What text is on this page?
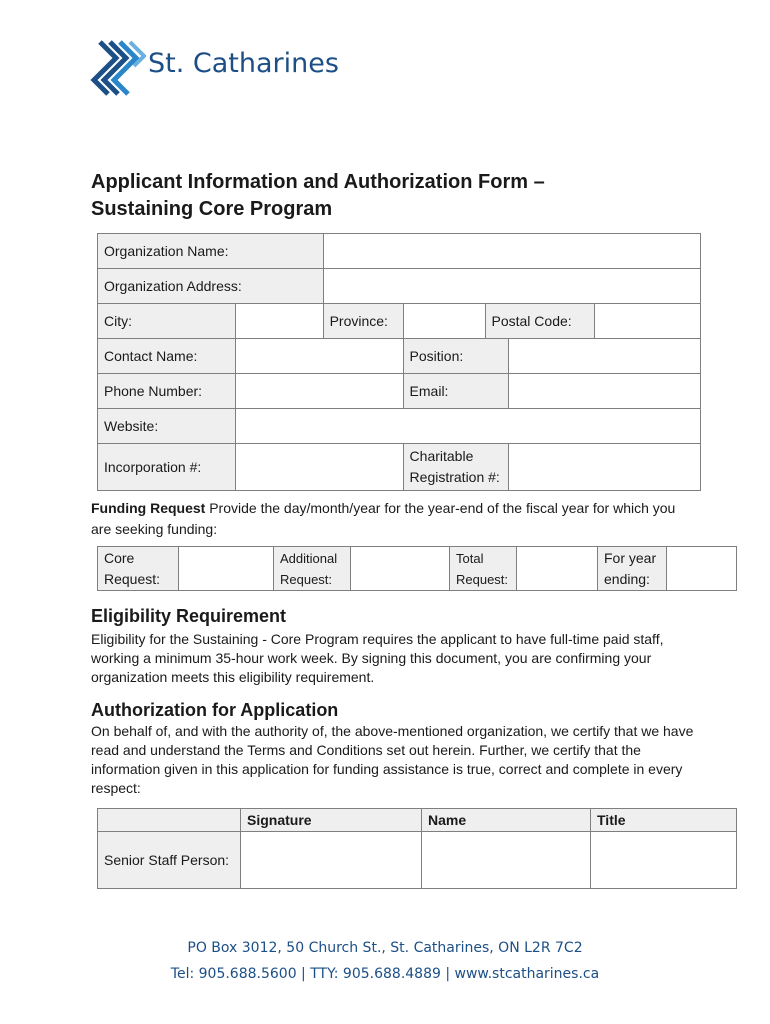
St. Catharines
Applicant Information and Authorization Form –
Sustaining Core Program
Organization Name:						
Organization Address:						
City:		Province:		Postal Code:		
Contact Name:			Position:			
Phone Number:			Email:			
Website:						
Incorporation #:			Charitable Registration #:			

Funding Request Provide the day/month/year for the year-end of the fiscal year for which you are seeking funding:

Core Request:		Additional Request:		Total Request:		For year ending:	
Eligibility Requirement

Eligibility for the Sustaining - Core Program requires the applicant to have full-time paid staff, working a minimum 35-hour work week. By signing this document, you are confirming your organization meets this eligibility requirement.

Authorization for Application

On behalf of, and with the authority of, the above-mentioned organization, we certify that we have read and understand the Terms and Conditions set out herein. Further, we certify that the information given in this application for funding assistance is true, correct and complete in every respect:

	Signature	Name	Title
Senior Staff Person:			
PO Box 3012, 50 Church St., St. Catharines, ON L2R 7C2
Tel: 905.688.5600 | TTY: 905.688.4889 | www.stcatharines.ca
